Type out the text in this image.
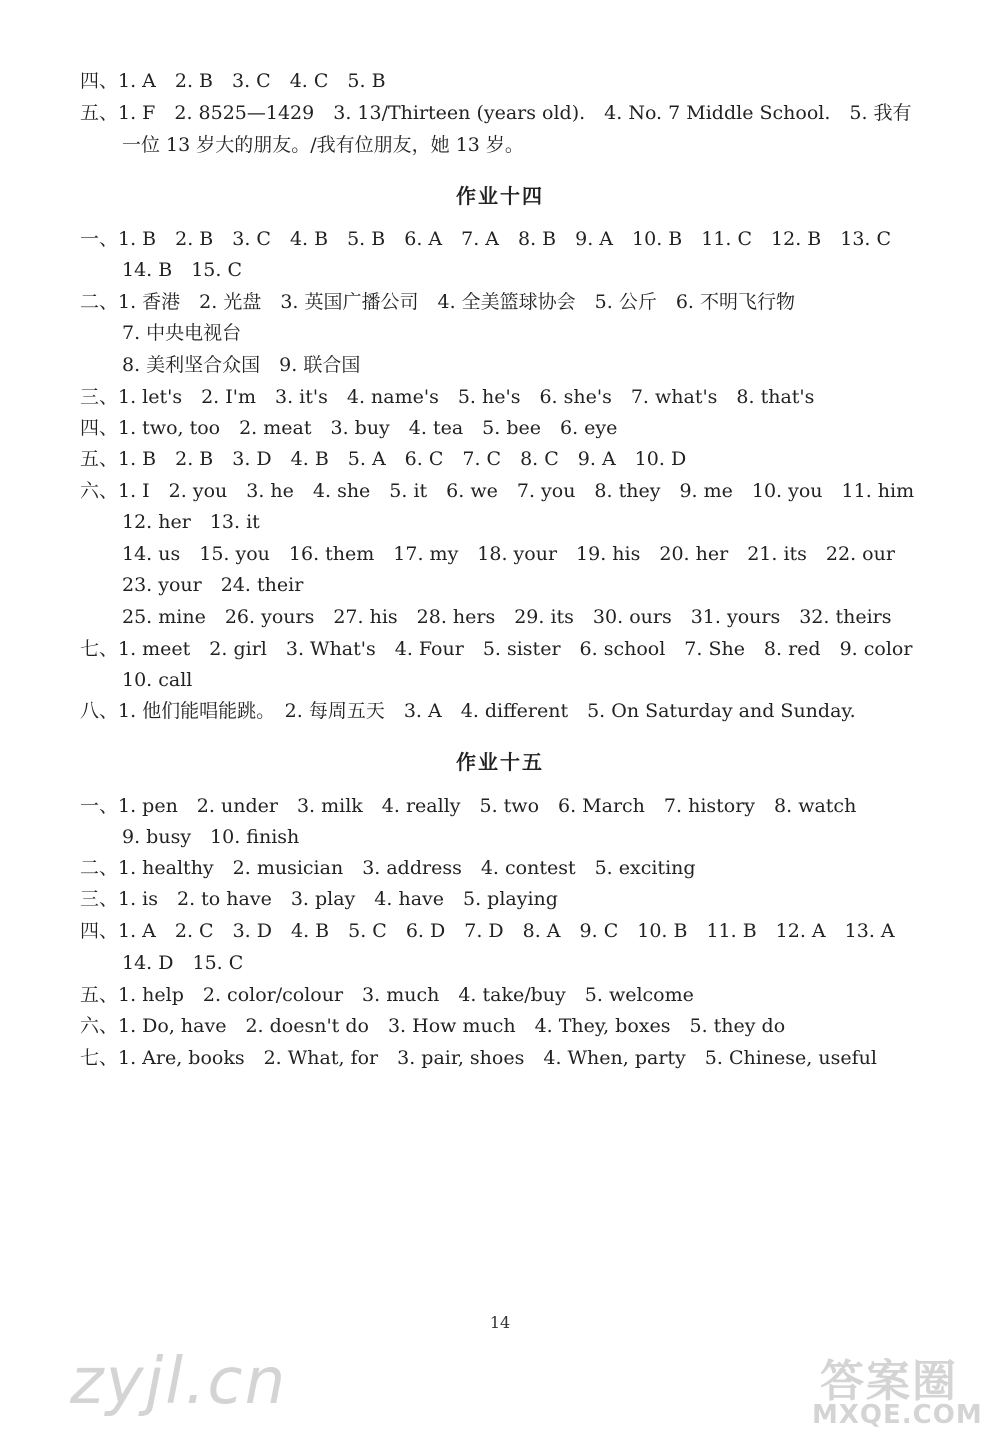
四、1. A　2. B　3. C　4. C　5. B
五、1. F　2. 8525—1429　3. 13/Thirteen (years old).　4. No. 7 Middle School.　5. 我有
一位 13 岁大的朋友。/我有位朋友，她 13 岁。
作业十四
一、1. B　2. B　3. C　4. B　5. B　6. A　7. A　8. B　9. A　10. B　11. C　12. B　13. C
14. B　15. C
二、1. 香港　2. 光盘　3. 英国广播公司　4. 全美篮球协会　5. 公斤　6. 不明飞行物
7. 中央电视台
8. 美利坚合众国　9. 联合国
三、1. let's　2. I'm　3. it's　4. name's　5. he's　6. she's　7. what's　8. that's
四、1. two, too　2. meat　3. buy　4. tea　5. bee　6. eye
五、1. B　2. B　3. D　4. B　5. A　6. C　7. C　8. C　9. A　10. D
六、1. I　2. you　3. he　4. she　5. it　6. we　7. you　8. they　9. me　10. you　11. him
12. her　13. it
14. us　15. you　16. them　17. my　18. your　19. his　20. her　21. its　22. our
23. your　24. their
25. mine　26. yours　27. his　28. hers　29. its　30. ours　31. yours　32. theirs
七、1. meet　2. girl　3. What's　4. Four　5. sister　6. school　7. She　8. red　9. color
10. call
八、1. 他们能唱能跳。　2. 每周五天　3. A　4. different　5. On Saturday and Sunday.
作业十五
一、1. pen　2. under　3. milk　4. really　5. two　6. March　7. history　8. watch
9. busy　10. finish
二、1. healthy　2. musician　3. address　4. contest　5. exciting
三、1. is　2. to have　3. play　4. have　5. playing
四、1. A　2. C　3. D　4. B　5. C　6. D　7. D　8. A　9. C　10. B　11. B　12. A　13. A
14. D　15. C
五、1. help　2. color/colour　3. much　4. take/buy　5. welcome
六、1. Do, have　2. doesn't do　3. How much　4. They, boxes　5. they do
七、1. Are, books　2. What, for　3. pair, shoes　4. When, party　5. Chinese, useful
14
zyjl.cn	答案圈
MXQE.COM
